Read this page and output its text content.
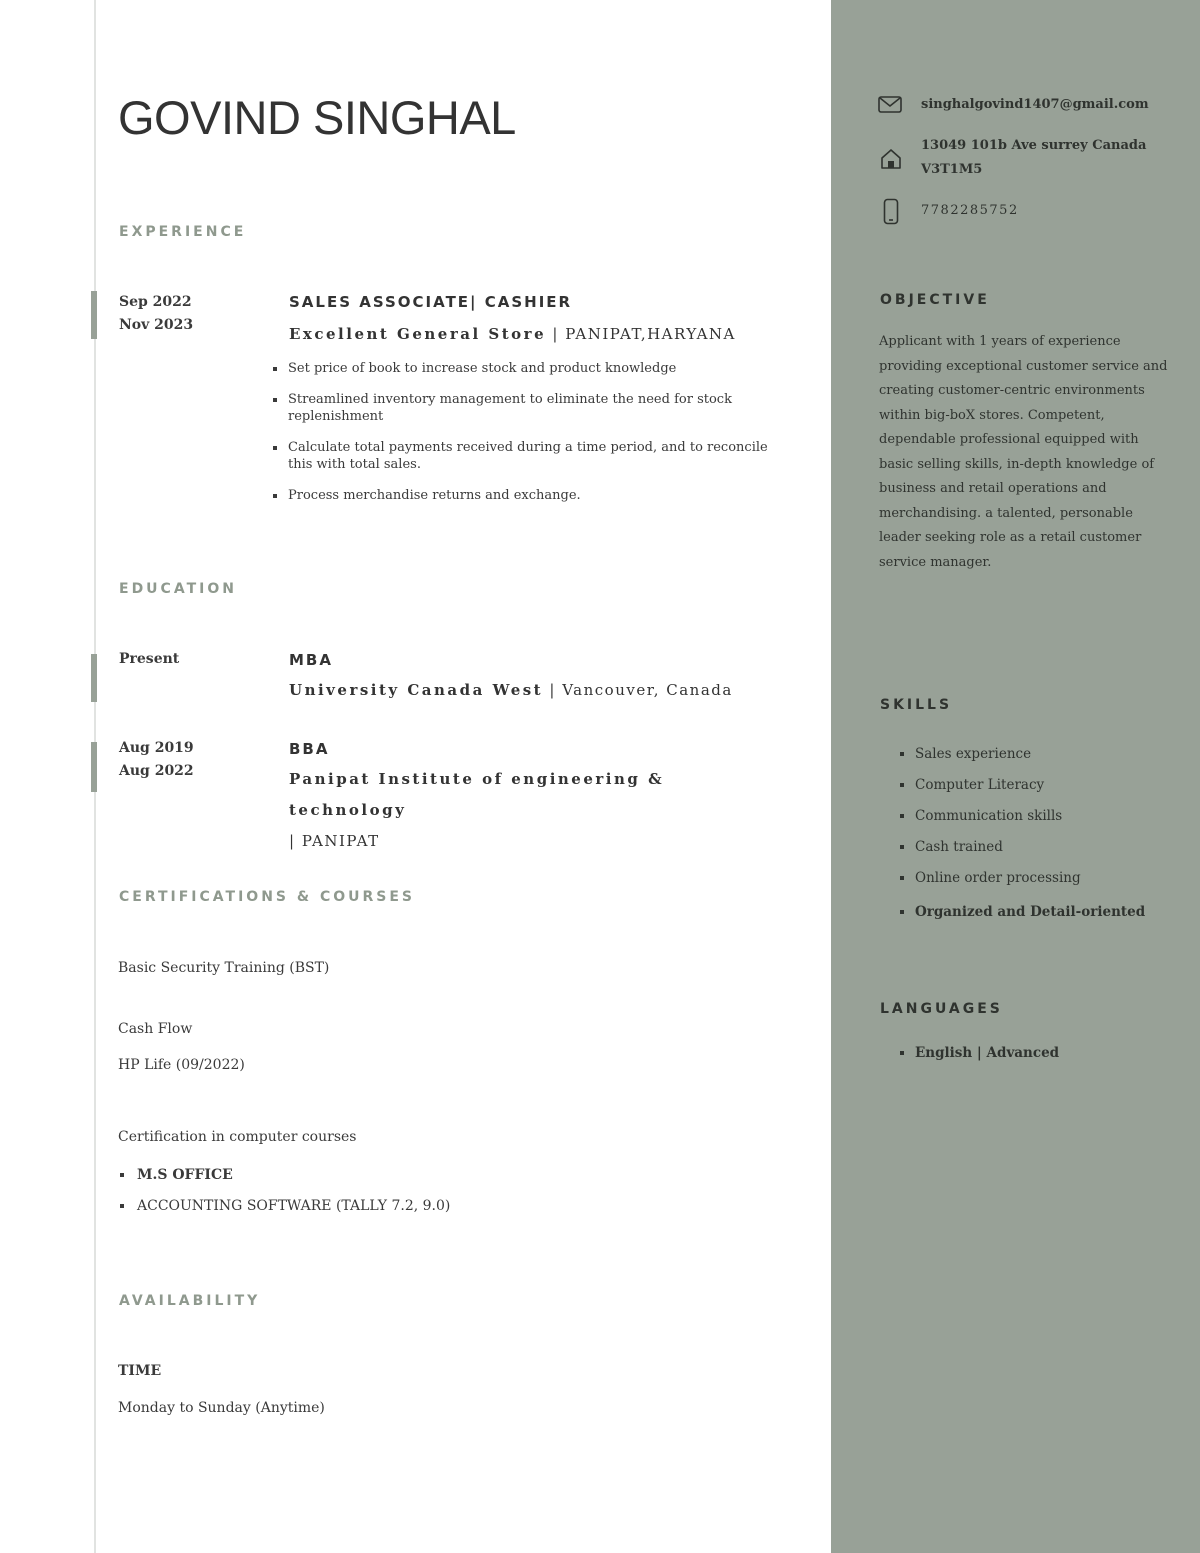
GOVIND SINGHAL
EXPERIENCE
Sep 2022
Nov 2023
SALES ASSOCIATE| CASHIER
Excellent General Store | PANIPAT,HARYANA
Set price of book to increase stock and product knowledge
Streamlined inventory management to eliminate the need for stock replenishment
Calculate total payments received during a time period, and to reconcile this with total sales.
Process merchandise returns and exchange.
EDUCATION
Present	MBA
University Canada West | Vancouver, Canada
Aug 2019
Aug 2022
BBA
Panipat Institute of engineering & technology
| PANIPAT
CERTIFICATIONS & COURSES
Basic Security Training (BST)
Cash Flow
HP Life (09/2022)
Certification in computer courses
M.S OFFICE
ACCOUNTING SOFTWARE (TALLY 7.2, 9.0)
AVAILABILITY
TIME
Monday to Sunday (Anytime)
singhalgovind1407@gmail.com
13049 101b Ave surrey Canada
V3T1M5
7782285752
OBJECTIVE

Applicant with 1 years of experience providing exceptional customer service and creating customer-centric environments within big-boX stores. Competent, dependable professional equipped with basic selling skills, in-depth knowledge of business and retail operations and merchandising. a talented, personable leader seeking role as a retail customer service manager.

SKILLS
Sales experience
Computer Literacy
Communication skills
Cash trained
Online order processing
Organized and Detail-oriented
LANGUAGES
English | Advanced
